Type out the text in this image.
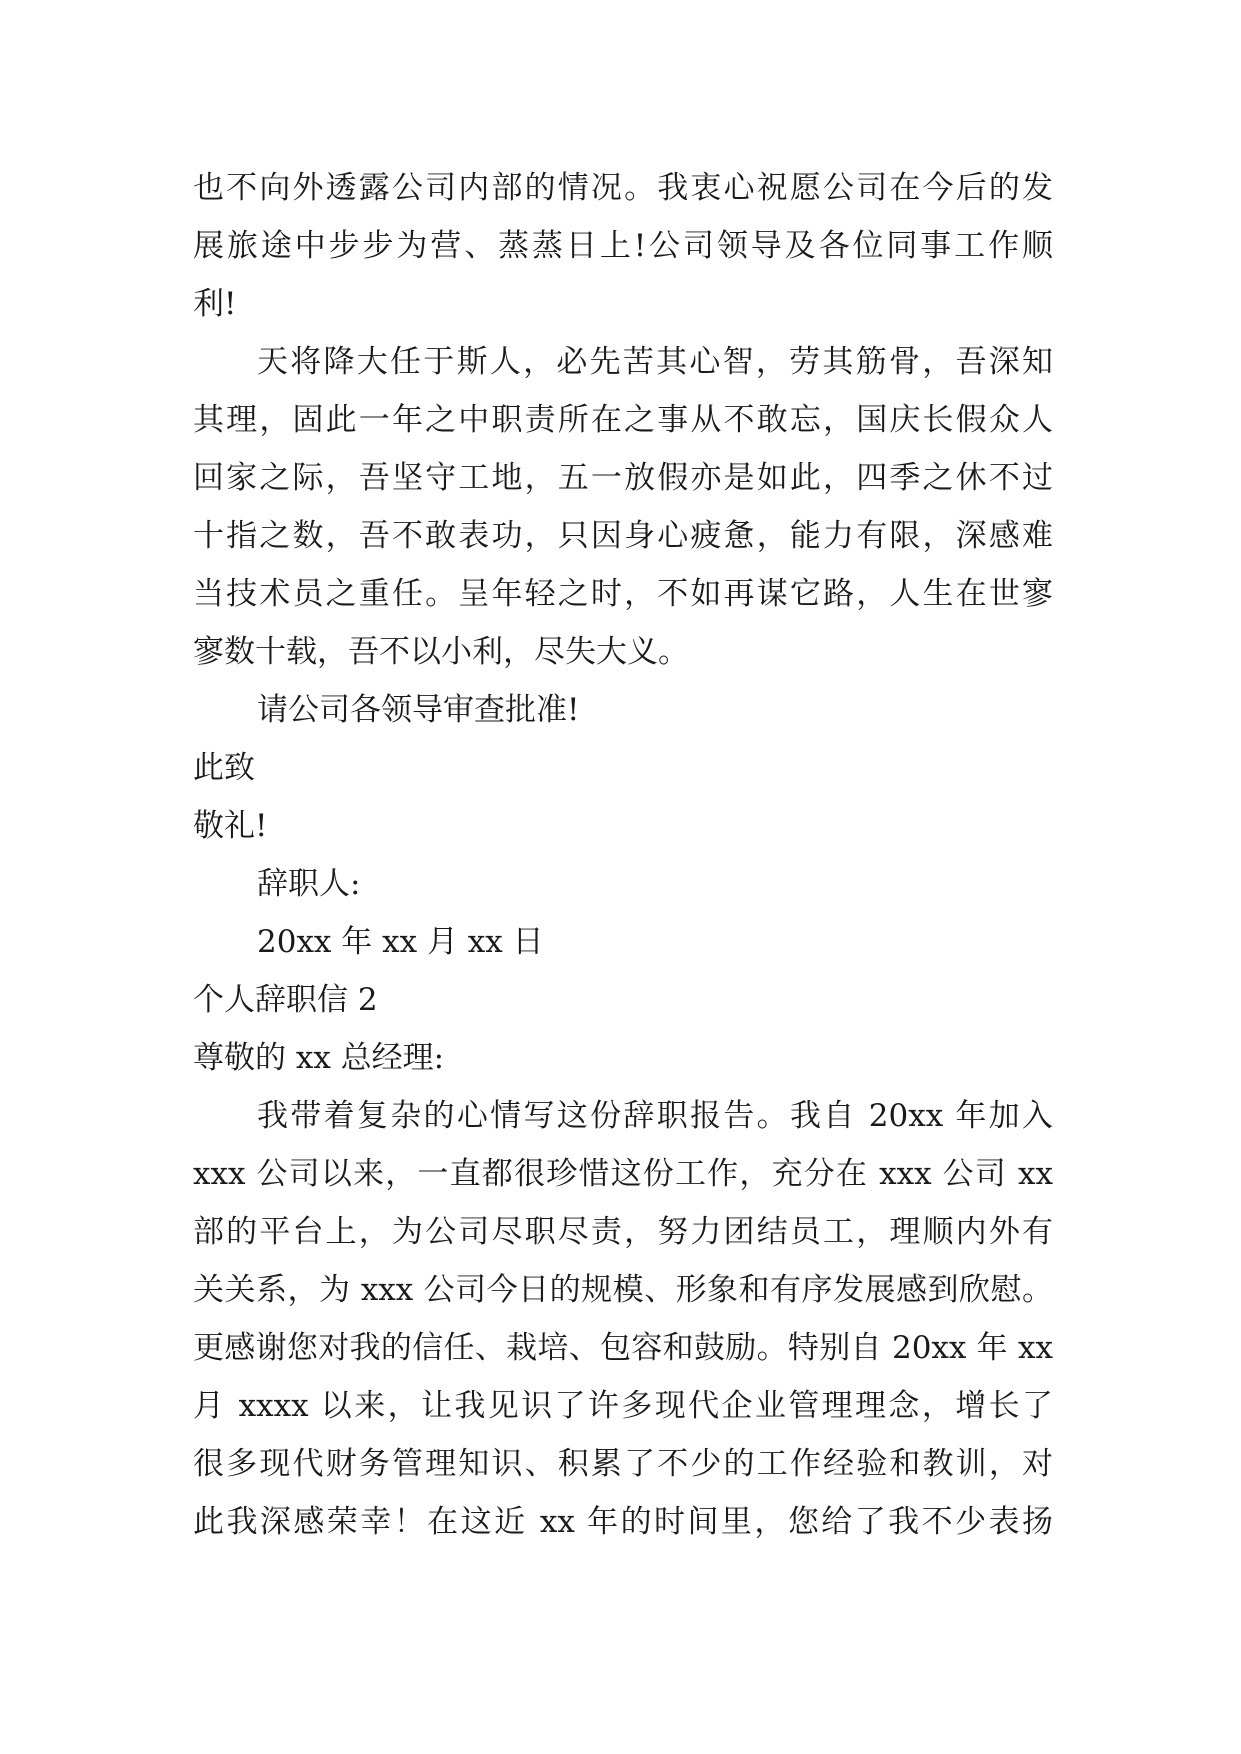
也不向外透露公司内部的情况。我衷心祝愿公司在今后的发
展旅途中步步为营、蒸蒸日上!公司领导及各位同事工作顺
利!
天将降大任于斯人，必先苦其心智，劳其筋骨，吾深知
其理，固此一年之中职责所在之事从不敢忘，国庆长假众人
回家之际，吾坚守工地，五一放假亦是如此，四季之休不过
十指之数，吾不敢表功，只因身心疲惫，能力有限，深感难
当技术员之重任。呈年轻之时，不如再谋它路，人生在世寥
寥数十载，吾不以小利，尽失大义。
请公司各领导审查批准!
此致
敬礼!
辞职人:
20xx 年 xx 月 xx 日
个人辞职信 2
尊敬的 xx 总经理:
我带着复杂的心情写这份辞职报告。我自 20xx 年加入
xxx 公司以来，一直都很珍惜这份工作，充分在 xxx 公司 xx
部的平台上，为公司尽职尽责，努力团结员工，理顺内外有
关关系，为 xxx 公司今日的规模、形象和有序发展感到欣慰。
更感谢您对我的信任、栽培、包容和鼓励。特别自 20xx 年 xx
月 xxxx 以来，让我见识了许多现代企业管理理念，增长了
很多现代财务管理知识、积累了不少的工作经验和教训，对
此我深感荣幸！在这近 xx 年的时间里，您给了我不少表扬
